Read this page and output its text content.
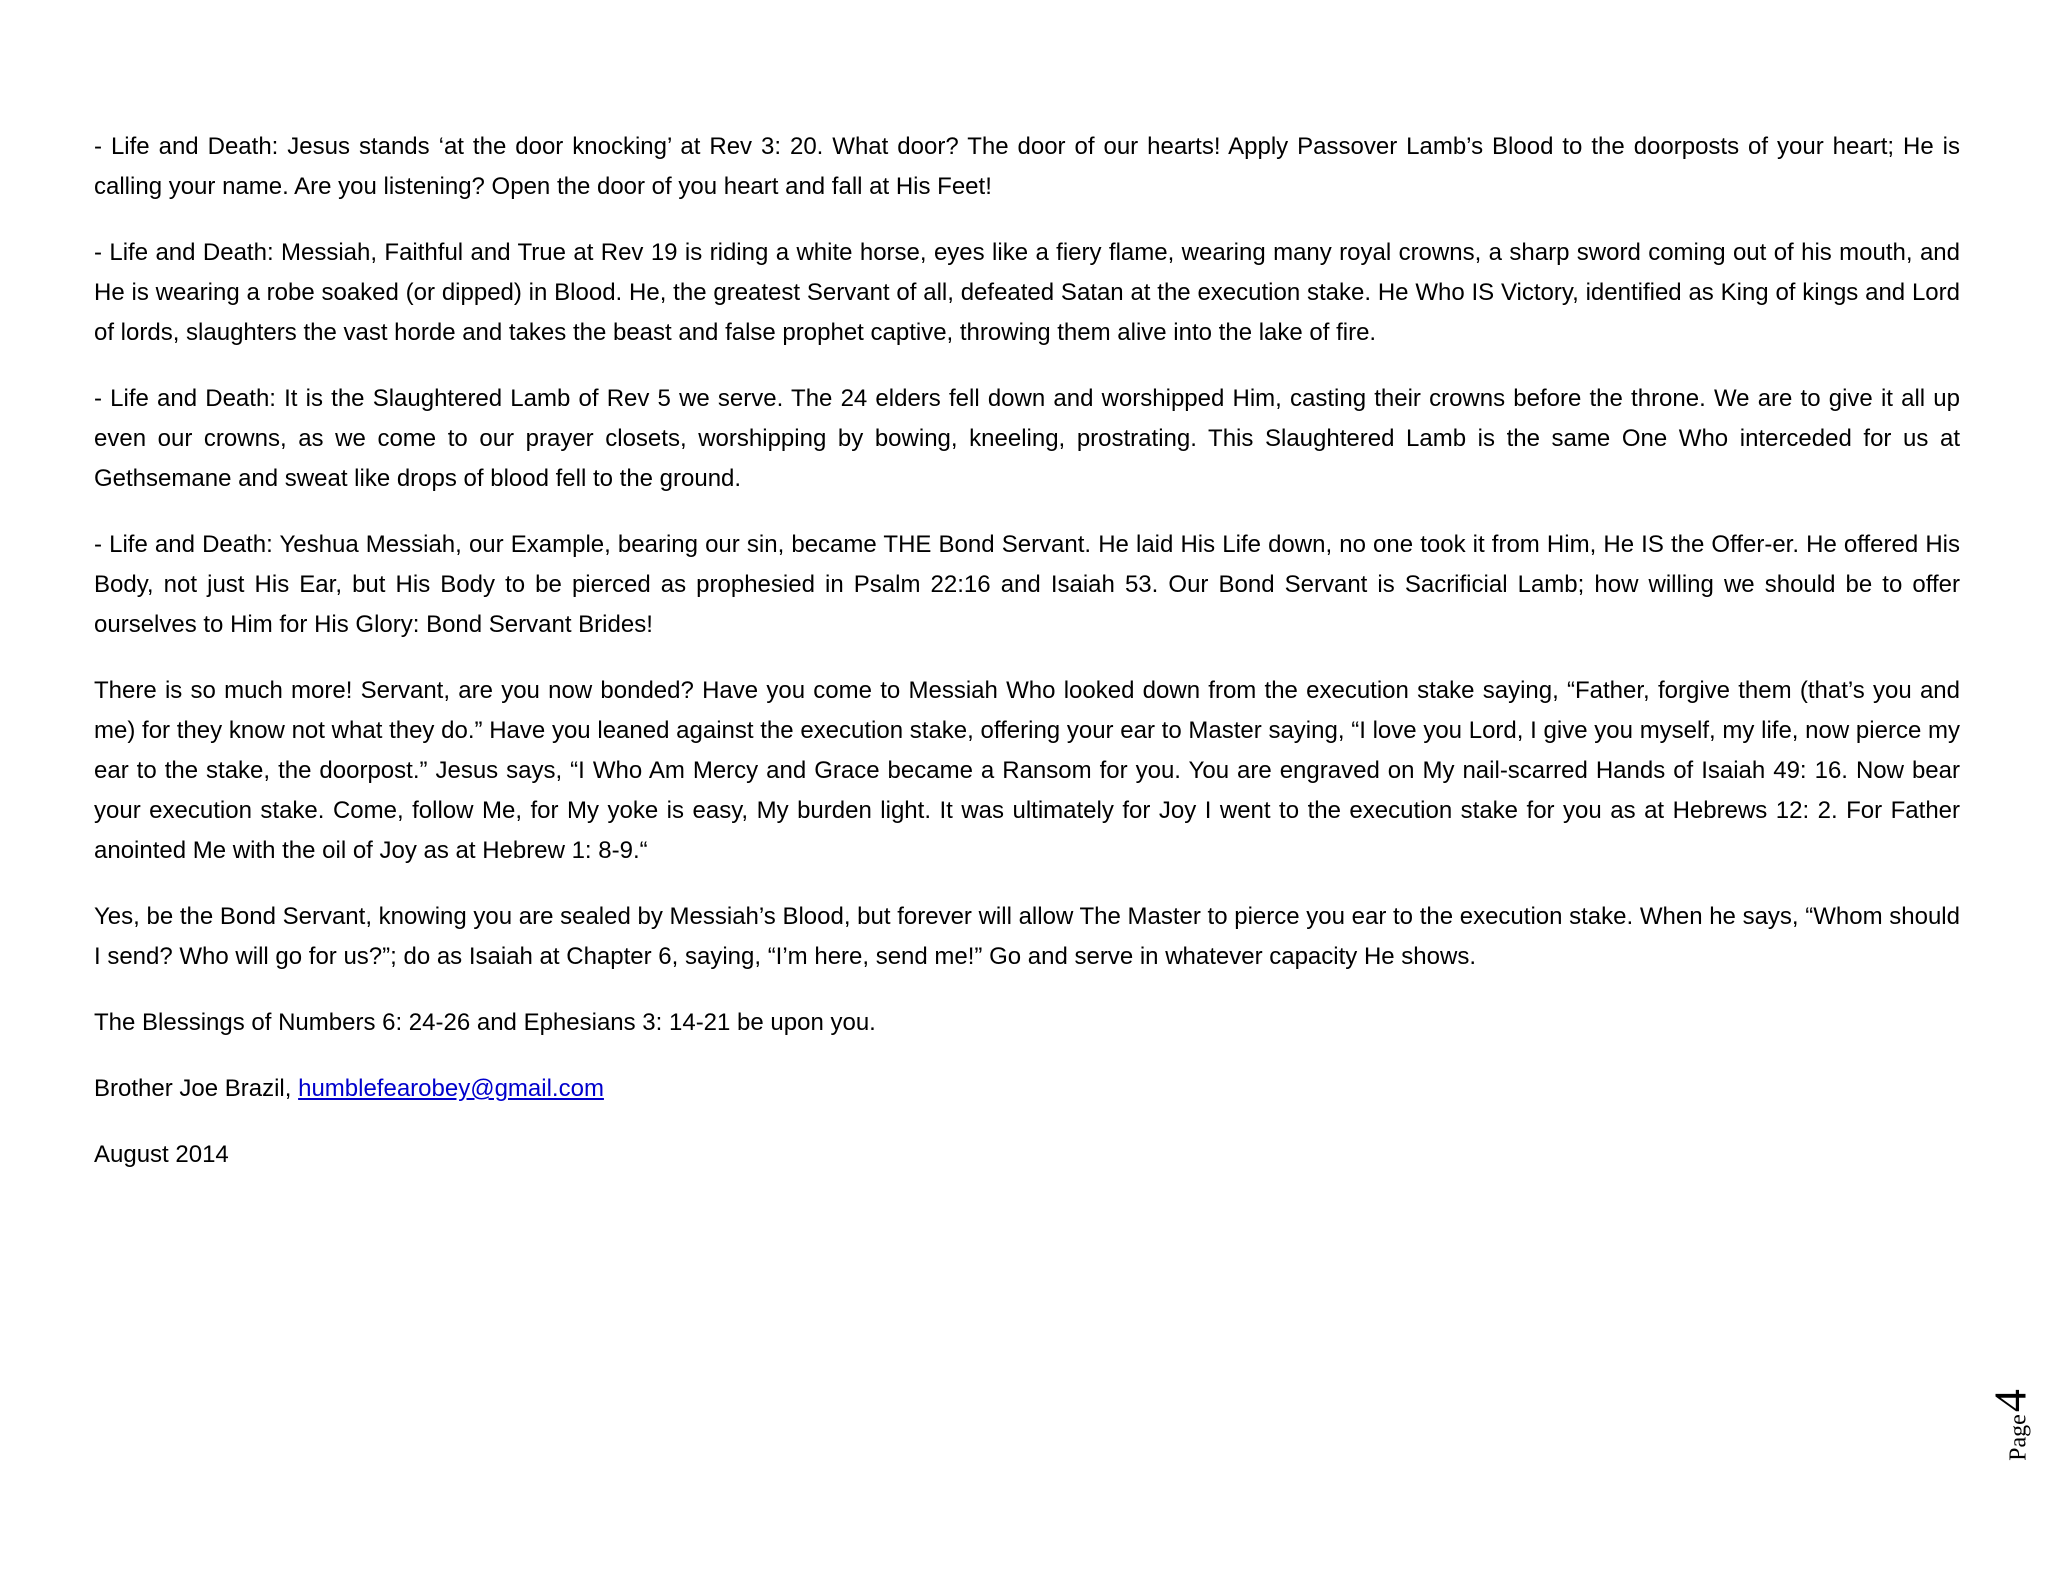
- Life and Death: Jesus stands ‘at the door knocking’ at Rev 3: 20. What door? The door of our hearts! Apply Passover Lamb’s Blood to the doorposts of your heart; He is calling your name. Are you listening? Open the door of you heart and fall at His Feet!

- Life and Death: Messiah, Faithful and True at Rev 19 is riding a white horse, eyes like a fiery flame, wearing many royal crowns, a sharp sword coming out of his mouth, and He is wearing a robe soaked (or dipped) in Blood. He, the greatest Servant of all, defeated Satan at the execution stake. He Who IS Victory, identified as King of kings and Lord of lords, slaughters the vast horde and takes the beast and false prophet captive, throwing them alive into the lake of fire.

- Life and Death: It is the Slaughtered Lamb of Rev 5 we serve. The 24 elders fell down and worshipped Him, casting their crowns before the throne. We are to give it all up even our crowns, as we come to our prayer closets, worshipping by bowing, kneeling, prostrating. This Slaughtered Lamb is the same One Who interceded for us at Gethsemane and sweat like drops of blood fell to the ground.

- Life and Death: Yeshua Messiah, our Example, bearing our sin, became THE Bond Servant. He laid His Life down, no one took it from Him, He IS the Offer-er. He offered His Body, not just His Ear, but His Body to be pierced as prophesied in Psalm 22:16 and Isaiah 53. Our Bond Servant is Sacrificial Lamb; how willing we should be to offer ourselves to Him for His Glory: Bond Servant Brides!

There is so much more! Servant, are you now bonded? Have you come to Messiah Who looked down from the execution stake saying, “Father, forgive them (that’s you and me) for they know not what they do.” Have you leaned against the execution stake, offering your ear to Master saying, “I love you Lord, I give you myself, my life, now pierce my ear to the stake, the doorpost.” Jesus says, “I Who Am Mercy and Grace became a Ransom for you. You are engraved on My nail-scarred Hands of Isaiah 49: 16. Now bear your execution stake. Come, follow Me, for My yoke is easy, My burden light. It was ultimately for Joy I went to the execution stake for you as at Hebrews 12: 2. For Father anointed Me with the oil of Joy as at Hebrew 1: 8-9.“

Yes, be the Bond Servant, knowing you are sealed by Messiah’s Blood, but forever will allow The Master to pierce you ear to the execution stake. When he says, “Whom should I send? Who will go for us?”; do as Isaiah at Chapter 6, saying, “I’m here, send me!” Go and serve in whatever capacity He shows.

The Blessings of Numbers 6: 24-26 and Ephesians 3: 14-21 be upon you.

Brother Joe Brazil, humblefearobey@gmail.com

August 2014

Page4
